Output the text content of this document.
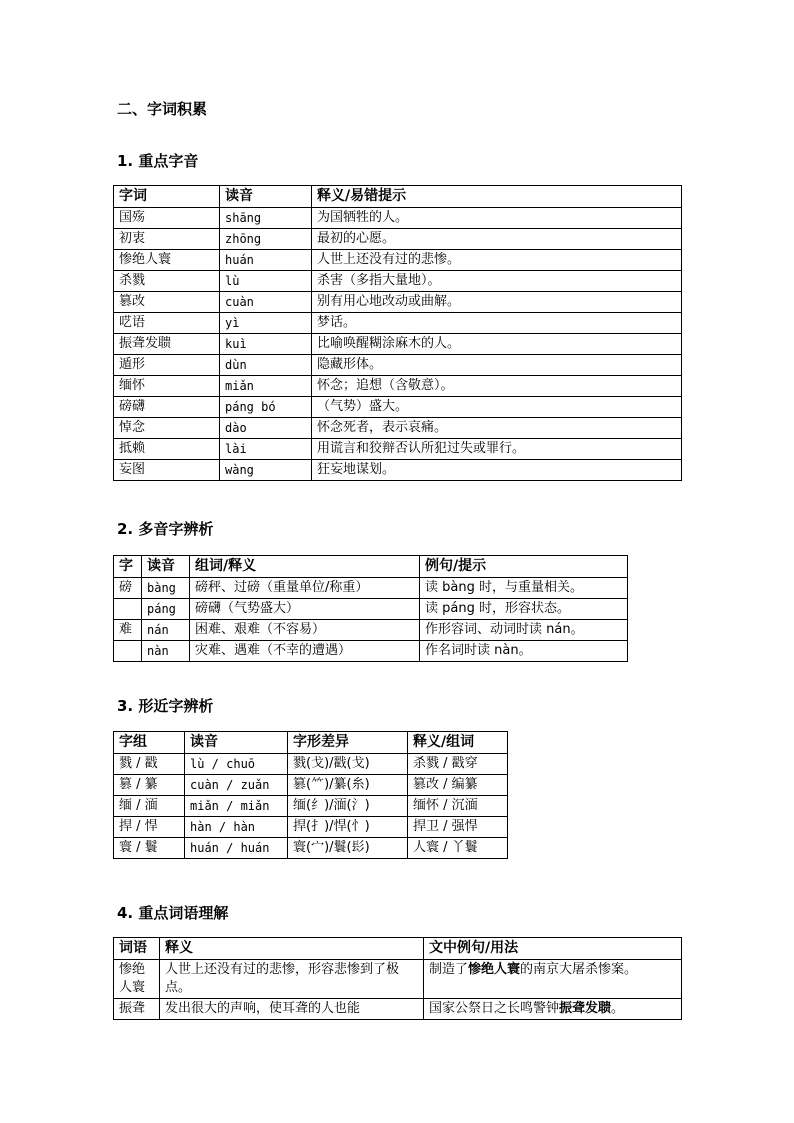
二、字词积累
1. 重点字音
字词	读音	释义/易错提示
国殇	shāng	为国牺牲的人。
初衷	zhōng	最初的心愿。
惨绝人寰	huán	人世上还没有过的悲惨。
杀戮	lù	杀害（多指大量地）。
篡改	cuàn	别有用心地改动或曲解。
呓语	yì	梦话。
振聋发聩	kuì	比喻唤醒糊涂麻木的人。
遁形	dùn	隐藏形体。
缅怀	miǎn	怀念；追想（含敬意）。
磅礴	páng bó	（气势）盛大。
悼念	dào	怀念死者，表示哀痛。
抵赖	lài	用谎言和狡辩否认所犯过失或罪行。
妄图	wàng	狂妄地谋划。
2. 多音字辨析
字	读音	组词/释义	例句/提示
磅	bàng	磅秤、过磅（重量单位/称重）	读 bàng 时，与重量相关。
	páng	磅礴（气势盛大）	读 páng 时，形容状态。
难	nán	困难、艰难（不容易）	作形容词、动词时读 nán。
	nàn	灾难、遇难（不幸的遭遇）	作名词时读 nàn。
3. 形近字辨析
字组	读音	字形差异	释义/组词
戮 / 戳	lù / chuō	戮(戈)/戳(戈)	杀戮 / 戳穿
篡 / 纂	cuàn / zuǎn	篡(⺮)/纂(糸)	篡改 / 编纂
缅 / 湎	miǎn / miǎn	缅(纟)/湎(氵)	缅怀 / 沉湎
捍 / 悍	hàn / hàn	捍(扌)/悍(忄)	捍卫 / 强悍
寰 / 鬟	huán / huán	寰(宀)/鬟(髟)	人寰 / 丫鬟
4. 重点词语理解
词语	释义	文中例句/用法
惨绝人寰	人世上还没有过的悲惨，形容悲惨到了极点。	制造了惨绝人寰的南京大屠杀惨案。
振聋	发出很大的声响，使耳聋的人也能	国家公祭日之长鸣警钟振聋发聩。
